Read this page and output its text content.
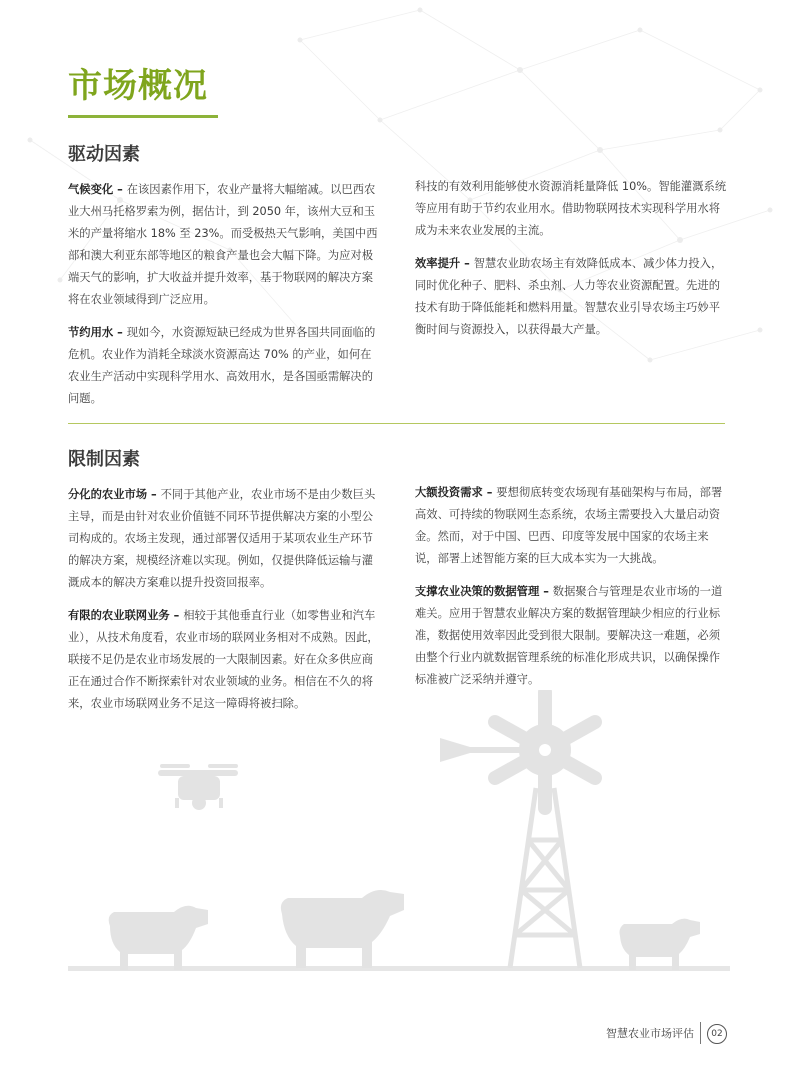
市场概况
驱动因素

气候变化 – 在该因素作用下，农业产量将大幅缩减。以巴西农业大州马托格罗索为例，据估计，到 2050 年，该州大豆和玉米的产量将缩水 18% 至 23%。而受极热天气影响，美国中西部和澳大利亚东部等地区的粮食产量也会大幅下降。为应对极端天气的影响，扩大收益并提升效率，基于物联网的解决方案将在农业领域得到广泛应用。

节约用水 – 现如今，水资源短缺已经成为世界各国共同面临的危机。农业作为消耗全球淡水资源高达 70% 的产业，如何在农业生产活动中实现科学用水、高效用水，是各国亟需解决的问题。

科技的有效利用能够使水资源消耗量降低 10%。智能灌溉系统等应用有助于节约农业用水。借助物联网技术实现科学用水将成为未来农业发展的主流。

效率提升 – 智慧农业助农场主有效降低成本、减少体力投入，同时优化种子、肥料、杀虫剂、人力等农业资源配置。先进的技术有助于降低能耗和燃料用量。智慧农业引导农场主巧妙平衡时间与资源投入，以获得最大产量。

限制因素

分化的农业市场 – 不同于其他产业，农业市场不是由少数巨头主导，而是由针对农业价值链不同环节提供解决方案的小型公司构成的。农场主发现，通过部署仅适用于某项农业生产环节的解决方案，规模经济难以实现。例如，仅提供降低运输与灌溉成本的解决方案难以提升投资回报率。

有限的农业联网业务 – 相较于其他垂直行业（如零售业和汽车业），从技术角度看，农业市场的联网业务相对不成熟。因此，联接不足仍是农业市场发展的一大限制因素。好在众多供应商正在通过合作不断探索针对农业领域的业务。相信在不久的将来，农业市场联网业务不足这一障碍将被扫除。

大额投资需求 – 要想彻底转变农场现有基础架构与布局，部署高效、可持续的物联网生态系统，农场主需要投入大量启动资金。然而，对于中国、巴西、印度等发展中国家的农场主来说，部署上述智能方案的巨大成本实为一大挑战。

支撑农业决策的数据管理 – 数据聚合与管理是农业市场的一道难关。应用于智慧农业解决方案的数据管理缺少相应的行业标准，数据使用效率因此受到很大限制。要解决这一难题，必须由整个行业内就数据管理系统的标准化形成共识，以确保操作标准被广泛采纳并遵守。

智慧农业市场评估	02
